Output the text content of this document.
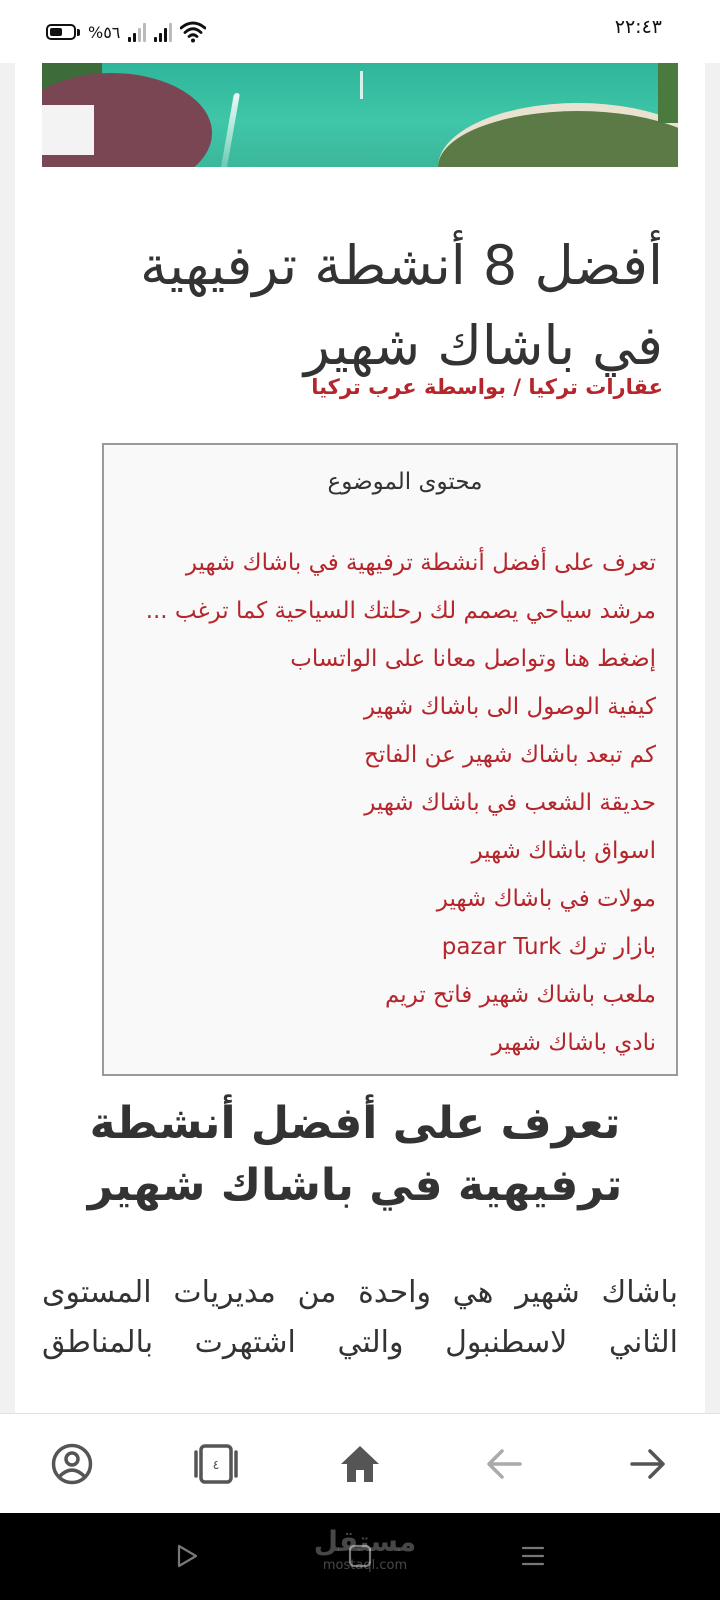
%٥٦	٢٢:٤٣
أفضل 8 أنشطة ترفيهية في باشاك شهير

عقارات تركيا / بواسطة عرب تركيا

محتوى الموضوع

تعرف على أفضل أنشطة ترفيهية في باشاك شهير
مرشد سياحي يصمم لك رحلتك السياحية كما ترغب ...
إضغط هنا وتواصل معانا على الواتساب
كيفية الوصول الى باشاك شهير
كم تبعد باشاك شهير عن الفاتح
حديقة الشعب في باشاك شهير
اسواق باشاك شهير
مولات في باشاك شهير
بازار ترك pazar Turk
ملعب باشاك شهير فاتح تريم
نادي باشاك شهير
تعرف على أفضل أنشطة ترفيهية في باشاك شهير

باشاك شهير هي واحدة من مديريات المستوى الثاني لاسطنبول والتي اشتهرت بالمناطق

٤
مستقل
mostaql.com
